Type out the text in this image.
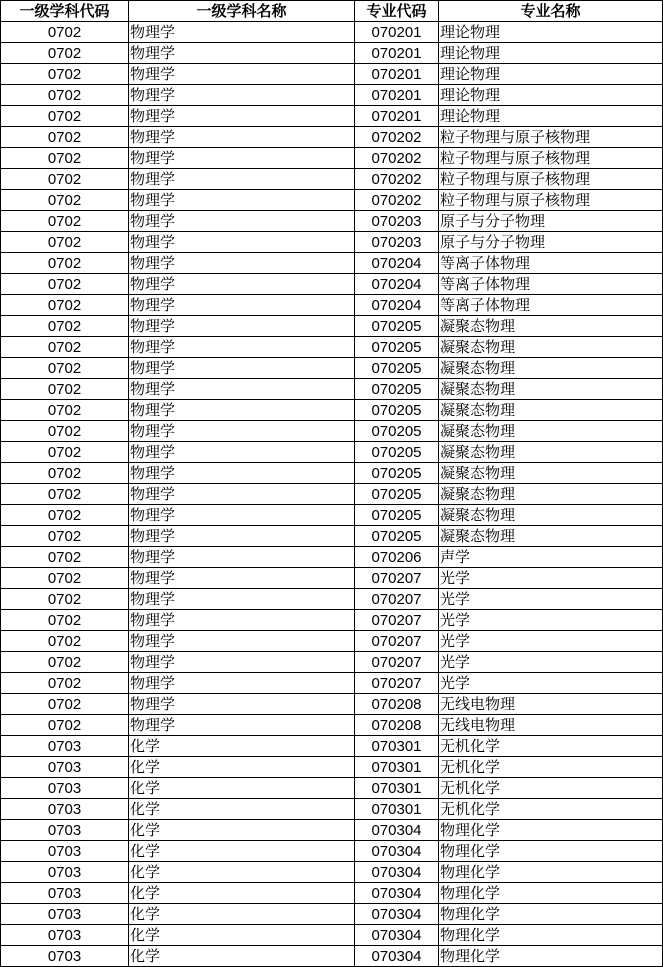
一级学科代码	一级学科名称	专业代码	专业名称
0702	物理学	070201	理论物理
0702	物理学	070201	理论物理
0702	物理学	070201	理论物理
0702	物理学	070201	理论物理
0702	物理学	070201	理论物理
0702	物理学	070202	粒子物理与原子核物理
0702	物理学	070202	粒子物理与原子核物理
0702	物理学	070202	粒子物理与原子核物理
0702	物理学	070202	粒子物理与原子核物理
0702	物理学	070203	原子与分子物理
0702	物理学	070203	原子与分子物理
0702	物理学	070204	等离子体物理
0702	物理学	070204	等离子体物理
0702	物理学	070204	等离子体物理
0702	物理学	070205	凝聚态物理
0702	物理学	070205	凝聚态物理
0702	物理学	070205	凝聚态物理
0702	物理学	070205	凝聚态物理
0702	物理学	070205	凝聚态物理
0702	物理学	070205	凝聚态物理
0702	物理学	070205	凝聚态物理
0702	物理学	070205	凝聚态物理
0702	物理学	070205	凝聚态物理
0702	物理学	070205	凝聚态物理
0702	物理学	070205	凝聚态物理
0702	物理学	070206	声学
0702	物理学	070207	光学
0702	物理学	070207	光学
0702	物理学	070207	光学
0702	物理学	070207	光学
0702	物理学	070207	光学
0702	物理学	070207	光学
0702	物理学	070208	无线电物理
0702	物理学	070208	无线电物理
0703	化学	070301	无机化学
0703	化学	070301	无机化学
0703	化学	070301	无机化学
0703	化学	070301	无机化学
0703	化学	070304	物理化学
0703	化学	070304	物理化学
0703	化学	070304	物理化学
0703	化学	070304	物理化学
0703	化学	070304	物理化学
0703	化学	070304	物理化学
0703	化学	070304	物理化学
